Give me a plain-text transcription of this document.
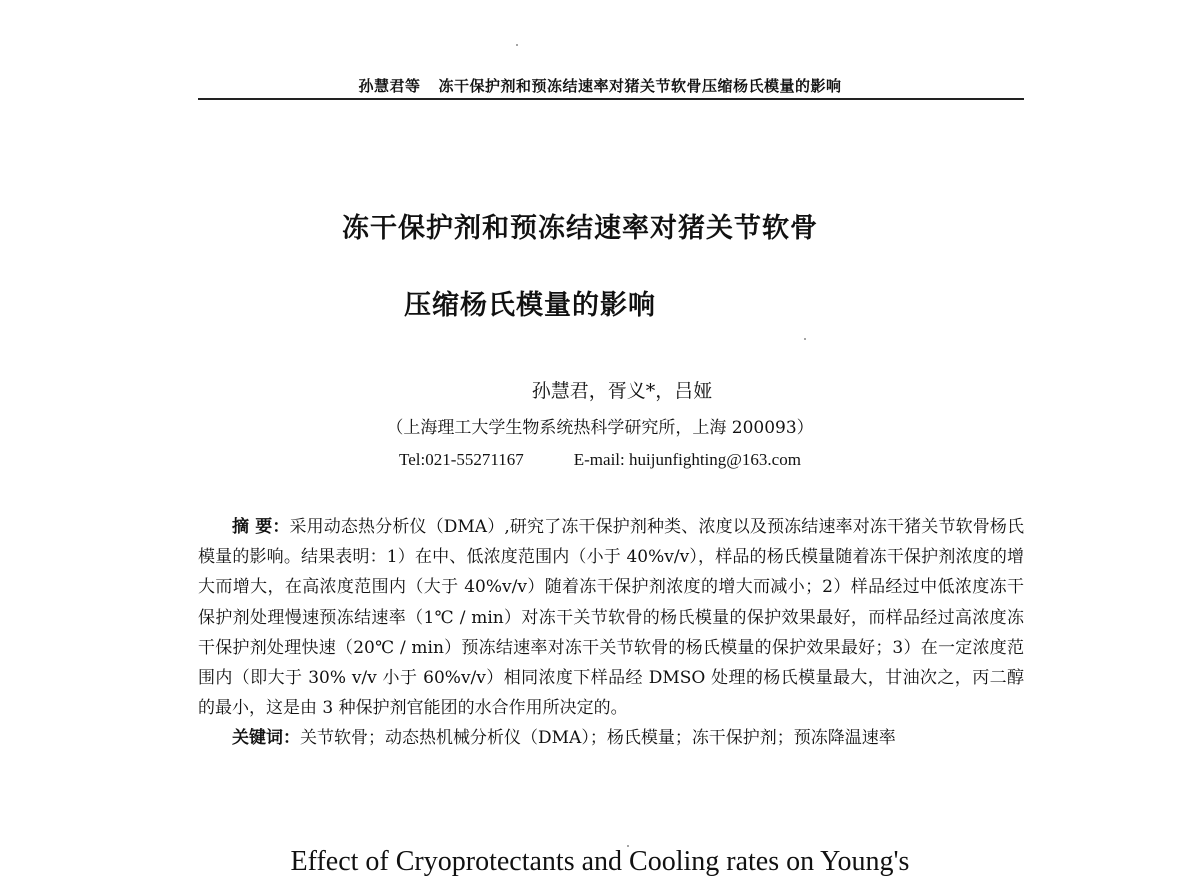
孙慧君等 冻干保护剂和预冻结速率对猪关节软骨压缩杨氏模量的影响
冻干保护剂和预冻结速率对猪关节软骨
压缩杨氏模量的影响
孙慧君，胥义*，吕娅
（上海理工大学生物系统热科学研究所，上海 200093）
Tel:021-55271167	E-mail: huijunfighting@163.com

摘 要：采用动态热分析仪（DMA）,研究了冻干保护剂种类、浓度以及预冻结速率对冻干猪关节软骨杨氏模量的影响。结果表明：1）在中、低浓度范围内（小于 40%v/v），样品的杨氏模量随着冻干保护剂浓度的增大而增大，在高浓度范围内（大于 40%v/v）随着冻干保护剂浓度的增大而减小；2）样品经过中低浓度冻干保护剂处理慢速预冻结速率（1℃ / min）对冻干关节软骨的杨氏模量的保护效果最好，而样品经过高浓度冻干保护剂处理快速（20℃ / min）预冻结速率对冻干关节软骨的杨氏模量的保护效果最好；3）在一定浓度范围内（即大于 30% v/v 小于 60%v/v）相同浓度下样品经 DMSO 处理的杨氏模量最大，甘油次之，丙二醇的最小，这是由 3 种保护剂官能团的水合作用所决定的。

关键词：关节软骨；动态热机械分析仪（DMA）；杨氏模量；冻干保护剂；预冻降温速率

Effect of Cryoprotectants and Cooling rates on Young's
